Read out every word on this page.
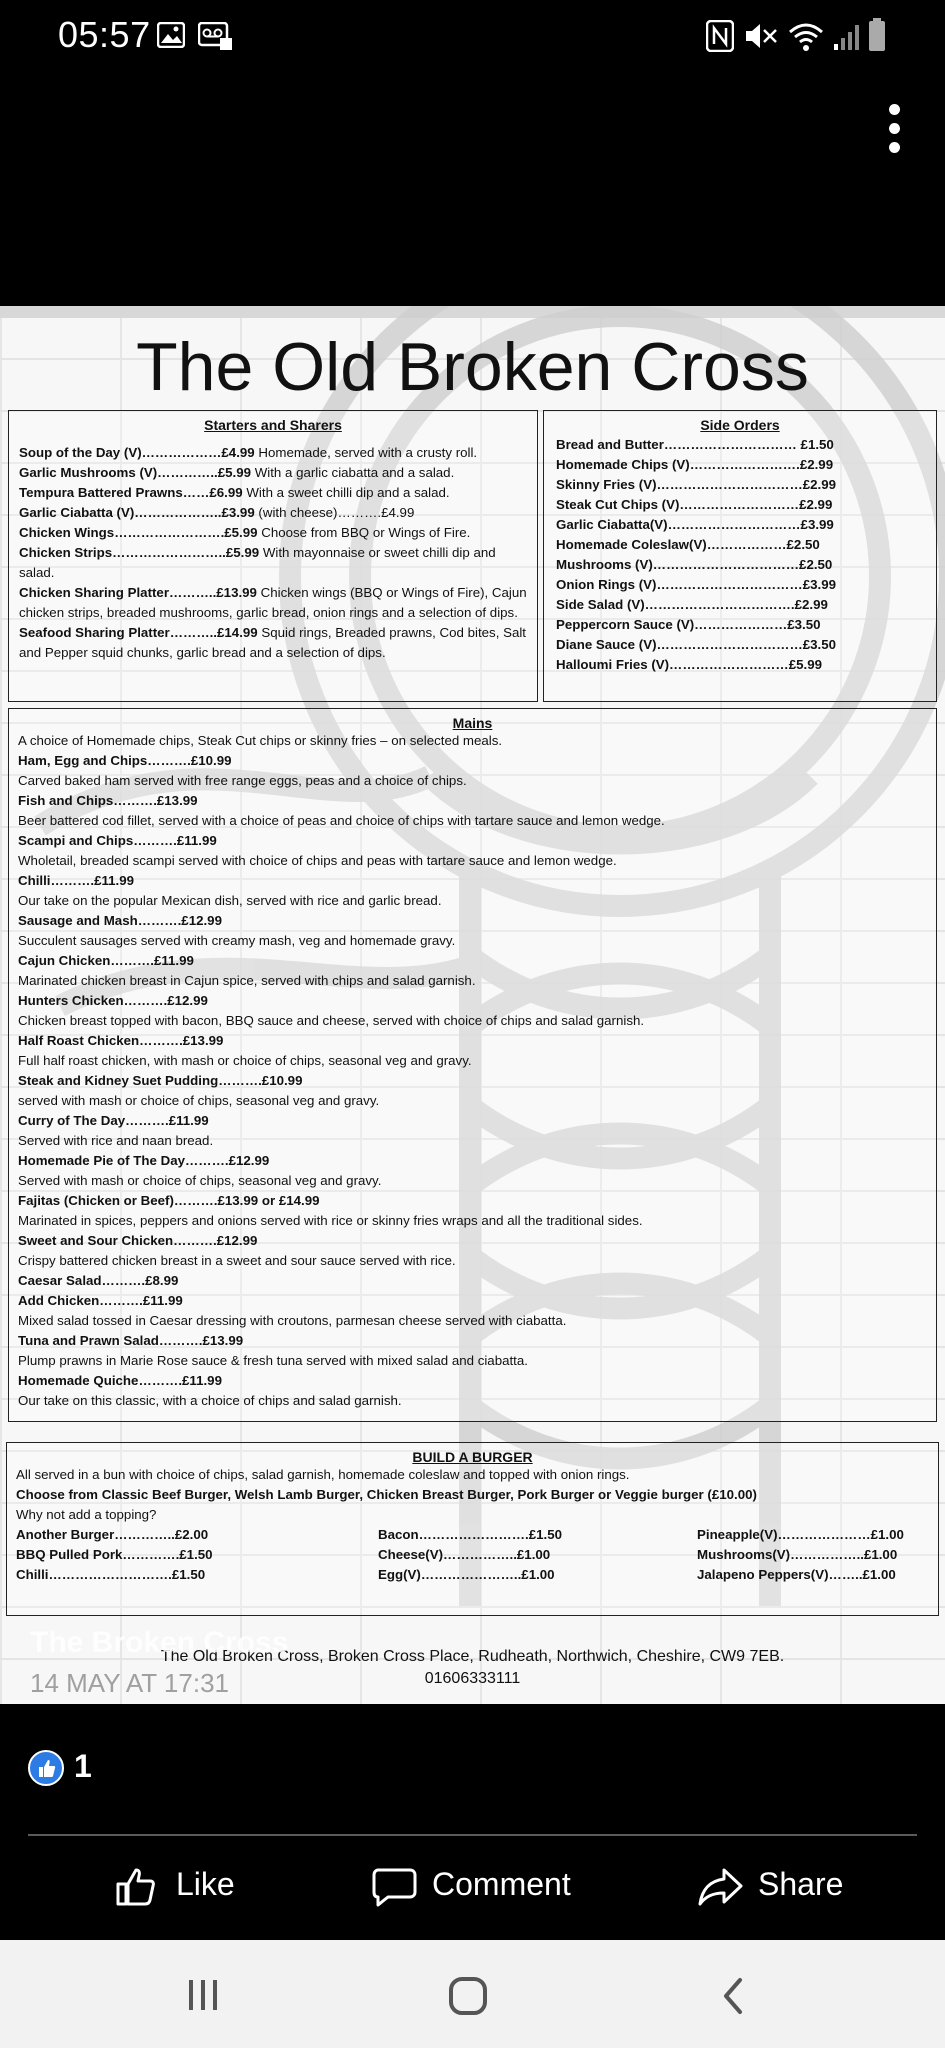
05:57
The Old Broken Cross
Starters and Sharers
Soup of the Day (V)………………£4.99 Homemade, served with a crusty roll.
Garlic Mushrooms (V)…………..£5.99 With a garlic ciabatta and a salad.
Tempura Battered Prawns……£6.99 With a sweet chilli dip and a salad.
Garlic Ciabatta (V)………………..£3.99 (with cheese)……….£4.99
Chicken Wings…………………….£5.99 Choose from BBQ or Wings of Fire.
Chicken Strips……………………..£5.99 With mayonnaise or sweet chilli dip and salad.
Chicken Sharing Platter………..£13.99 Chicken wings (BBQ or Wings of Fire), Cajun chicken strips, breaded mushrooms, garlic bread, onion rings and a selection of dips.
Seafood Sharing Platter………..£14.99 Squid rings, Breaded prawns, Cod bites, Salt and Pepper squid chunks, garlic bread and a selection of dips.
Side Orders
Bread and Butter………………………… £1.50
Homemade Chips (V)…………………….£2.99
Skinny Fries (V)……………………………£2.99
Steak Cut Chips (V)………………………£2.99
Garlic Ciabatta(V)…………………………£3.99
Homemade Coleslaw(V)………………£2.50
Mushrooms (V)……………………………£2.50
Onion Rings (V)……………………………£3.99
Side Salad (V)…………………………….£2.99
Peppercorn Sauce (V)…………………£3.50
Diane Sauce (V)……………………………£3.50
Halloumi Fries (V)………………………£5.99
Mains
A choice of Homemade chips, Steak Cut chips or skinny fries – on selected meals.
Ham, Egg and Chips……….£10.99
Carved baked ham served with free range eggs, peas and a choice of chips.
Fish and Chips……….£13.99
Beer battered cod fillet, served with a choice of peas and choice of chips with tartare sauce and lemon wedge.
Scampi and Chips……….£11.99
Wholetail, breaded scampi served with choice of chips and peas with tartare sauce and lemon wedge.
Chilli……….£11.99
Our take on the popular Mexican dish, served with rice and garlic bread.
Sausage and Mash……….£12.99
Succulent sausages served with creamy mash, veg and homemade gravy.
Cajun Chicken……….£11.99
Marinated chicken breast in Cajun spice, served with chips and salad garnish.
Hunters Chicken……….£12.99
Chicken breast topped with bacon, BBQ sauce and cheese, served with choice of chips and salad garnish.
Half Roast Chicken……….£13.99
Full half roast chicken, with mash or choice of chips, seasonal veg and gravy.
Steak and Kidney Suet Pudding……….£10.99
served with mash or choice of chips, seasonal veg and gravy.
Curry of The Day……….£11.99
Served with rice and naan bread.
Homemade Pie of The Day……….£12.99
Served with mash or choice of chips, seasonal veg and gravy.
Fajitas (Chicken or Beef)……….£13.99 or £14.99
Marinated in spices, peppers and onions served with rice or skinny fries wraps and all the traditional sides.
Sweet and Sour Chicken……….£12.99
Crispy battered chicken breast in a sweet and sour sauce served with rice.
Caesar Salad……….£8.99
Add Chicken……….£11.99
Mixed salad tossed in Caesar dressing with croutons, parmesan cheese served with ciabatta.
Tuna and Prawn Salad……….£13.99
Plump prawns in Marie Rose sauce & fresh tuna served with mixed salad and ciabatta.
Homemade Quiche……….£11.99
Our take on this classic, with a choice of chips and salad garnish.
BUILD A BURGER
All served in a bun with choice of chips, salad garnish, homemade coleslaw and topped with onion rings.
Choose from Classic Beef Burger, Welsh Lamb Burger, Chicken Breast Burger, Pork Burger or Veggie burger (£10.00)
Why not add a topping?
Another Burger…………..£2.00
BBQ Pulled Pork………….£1.50
Chilli……………………….£1.50
Bacon…………………….£1.50
Cheese(V)……………..£1.00
Egg(V)…………………..£1.00
Pineapple(V)…………………£1.00
Mushrooms(V)……………..£1.00
Jalapeno Peppers(V)……..£1.00
The Old Broken Cross, Broken Cross Place, Rudheath, Northwich, Cheshire, CW9 7EB.
01606333111
The Broken Cross
14 MAY AT 17:31
1
Like	Comment	Share
